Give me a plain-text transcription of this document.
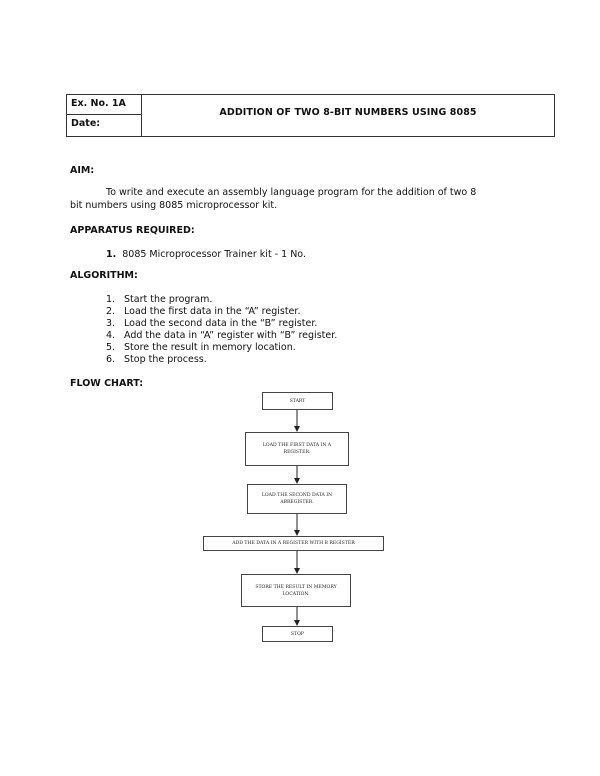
Ex. No. 1A
Date:
ADDITION OF TWO 8-BIT NUMBERS USING 8085
AIM:
To write and execute an assembly language program for the addition of two 8
bit numbers using 8085 microprocessor kit.
APPARATUS REQUIRED:
1. 8085 Microprocessor Trainer kit - 1 No.
ALGORITHM:
1. Start the program.
2. Load the first data in the “A” register.
3. Load the second data in the “B” register.
4. Add the data in “A” register with “B” register.
5. Store the result in memory location.
6. Stop the process.
FLOW CHART:
START
LOAD THE FIRST DATA IN A REGISTER.
LOAD THE SECOND DATA IN ABREGISTER.
ADD THE DATA IN A REGISTER WITH B REGISTER
STORE THE RESULT IN MEMORY LOCATION.
STOP
